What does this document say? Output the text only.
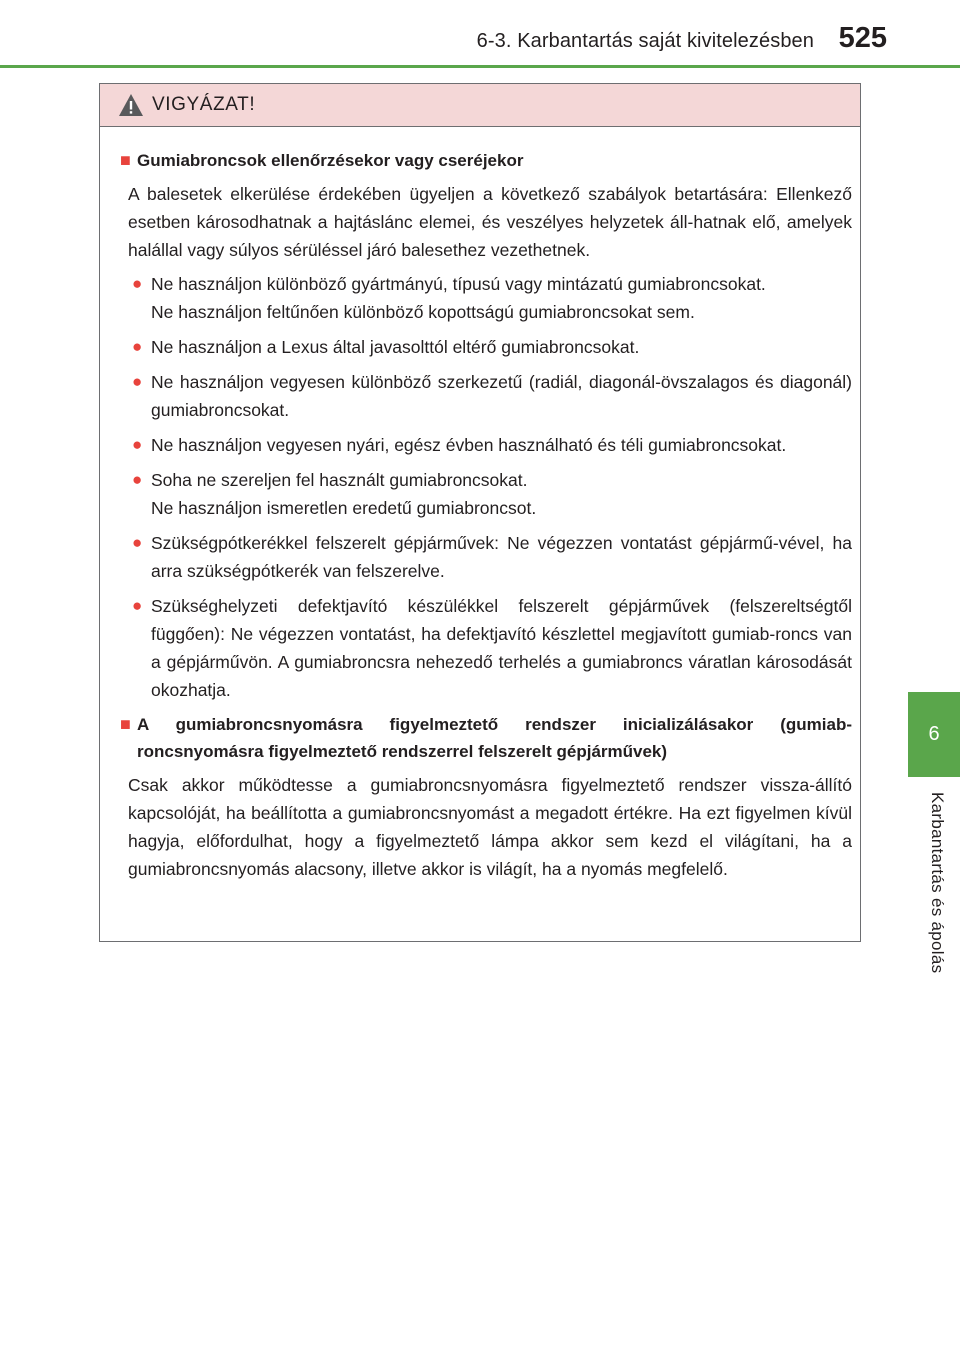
6-3. Karbantartás saját kivitelezésben 525
6
Karbantartás és ápolás
VIGYÁZAT!
■ Gumiabroncsok ellenőrzésekor vagy cseréjekor

A balesetek elkerülése érdekében ügyeljen a következő szabályok betartására: Ellenkező esetben károsodhatnak a hajtáslánc elemei, és veszélyes helyzetek áll-hatnak elő, amelyek halállal vagy súlyos sérüléssel járó balesethez vezethetnek.

● Ne használjon különböző gyártmányú, típusú vagy mintázatú gumiabroncsokat.
Ne használjon feltűnően különböző kopottságú gumiabroncsokat sem.
● Ne használjon a Lexus által javasolttól eltérő gumiabroncsokat.
● Ne használjon vegyesen különböző szerkezetű (radiál, diagonál-övszalagos és diagonál) gumiabroncsokat.
● Ne használjon vegyesen nyári, egész évben használható és téli gumiabroncsokat.
● Soha ne szereljen fel használt gumiabroncsokat.
Ne használjon ismeretlen eredetű gumiabroncsot.
● Szükségpótkerékkel felszerelt gépjárművek: Ne végezzen vontatást gépjármű-vével, ha arra szükségpótkerék van felszerelve.
● Szükséghelyzeti defektjavító készülékkel felszerelt gépjárművek (felszereltségtől függően): Ne végezzen vontatást, ha defektjavító készlettel megjavított gumiab-roncs van a gépjárművön. A gumiabroncsra nehezedő terhelés a gumiabroncs váratlan károsodását okozhatja.
■ A gumiabroncsnyomásra figyelmeztető rendszer inicializálásakor (gumiab-roncsnyomásra figyelmeztető rendszerrel felszerelt gépjárművek)

Csak akkor működtesse a gumiabroncsnyomásra figyelmeztető rendszer vissza-állító kapcsolóját, ha beállította a gumiabroncsnyomást a megadott értékre. Ha ezt figyelmen kívül hagyja, előfordulhat, hogy a figyelmeztető lámpa akkor sem kezd el világítani, ha a gumiabroncsnyomás alacsony, illetve akkor is világít, ha a nyomás megfelelő.
